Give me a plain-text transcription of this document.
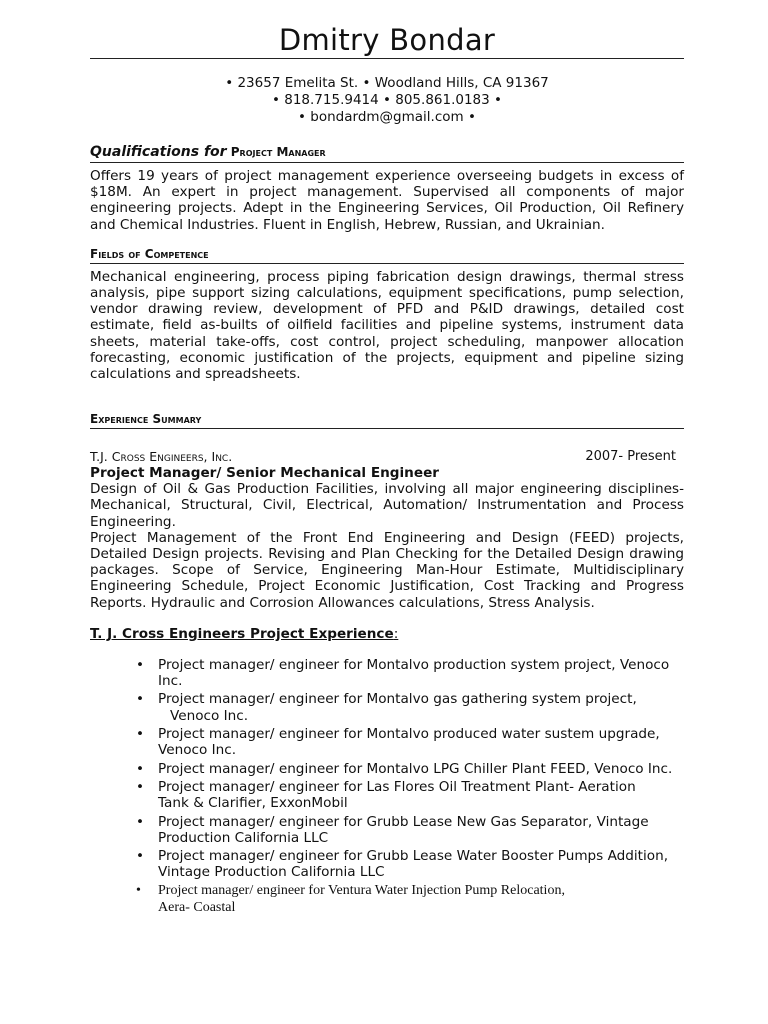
Dmitry Bondar
• 23657 Emelita St. • Woodland Hills, CA 91367
• 818.715.9414 • 805.861.0183 •
• bondardm@gmail.com •
Qualifications for Project Manager
Offers 19 years of project management experience overseeing budgets in excess of $18M. An expert in project management. Supervised all components of major engineering projects. Adept in the Engineering Services, Oil Production, Oil Refinery and Chemical Industries. Fluent in English, Hebrew, Russian, and Ukrainian.
Fields of Competence
Mechanical engineering, process piping fabrication design drawings, thermal stress analysis, pipe support sizing calculations, equipment specifications, pump selection, vendor drawing review, development of PFD and P&ID drawings, detailed cost estimate, field as-builts of oilfield facilities and pipeline systems, instrument data sheets, material take-offs, cost control, project scheduling, manpower allocation forecasting, economic justification of the projects, equipment and pipeline sizing calculations and spreadsheets.
Experience Summary
T.J. Cross Engineers, Inc.	2007- Present
Project Manager/ Senior Mechanical Engineer
Design of Oil & Gas Production Facilities, involving all major engineering disciplines-Mechanical, Structural, Civil, Electrical, Automation/ Instrumentation and Process Engineering.
Project Management of the Front End Engineering and Design (FEED) projects, Detailed Design projects. Revising and Plan Checking for the Detailed Design drawing packages. Scope of Service, Engineering Man-Hour Estimate, Multidisciplinary Engineering Schedule, Project Economic Justification, Cost Tracking and Progress Reports. Hydraulic and Corrosion Allowances calculations, Stress Analysis.
T. J. Cross Engineers Project Experience:
• Project manager/ engineer for Montalvo production system project, Venoco
Inc.
• Project manager/ engineer for Montalvo gas gathering system project,
Venoco Inc.
• Project manager/ engineer for Montalvo produced water sustem upgrade,
Venoco Inc.
• Project manager/ engineer for Montalvo LPG Chiller Plant FEED, Venoco Inc.
• Project manager/ engineer for Las Flores Oil Treatment Plant- Aeration
Tank & Clarifier, ExxonMobil
• Project manager/ engineer for Grubb Lease New Gas Separator, Vintage
Production California LLC
• Project manager/ engineer for Grubb Lease Water Booster Pumps Addition,
Vintage Production California LLC
• Project manager/ engineer for Ventura Water Injection Pump Relocation,
Aera- Coastal
